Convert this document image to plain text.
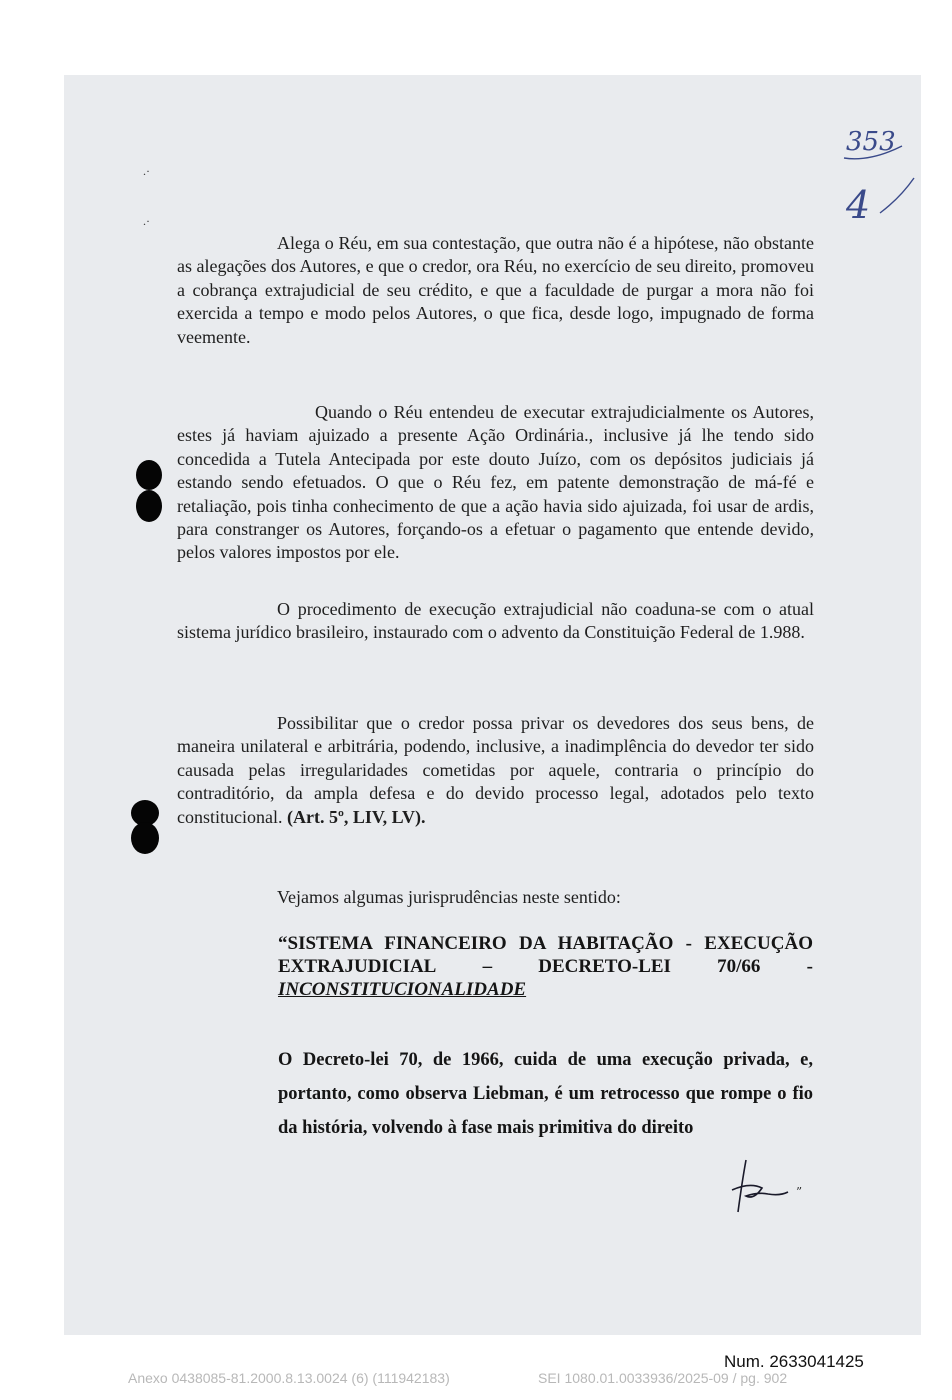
353
4
.·
.·

Alega o Réu, em sua contestação, que outra não é a hipótese, não obstante as alegações dos Autores, e que o credor, ora Réu, no exercício de seu direito, promoveu a cobrança extrajudicial de seu crédito, e que a faculdade de purgar a mora não foi exercida a tempo e modo pelos Autores, o que fica, desde logo, impugnado de forma veemente.

Quando o Réu entendeu de executar extrajudicialmente os Autores, estes já haviam ajuizado a presente Ação Ordinária., inclusive já lhe tendo sido concedida a Tutela Antecipada por este douto Juízo, com os depósitos judiciais já estando sendo efetuados. O que o Réu fez, em patente demonstração de má-fé e retaliação, pois tinha conhecimento de que a ação havia sido ajuizada, foi usar de ardis, para constranger os Autores, forçando-os a efetuar o pagamento que entende devido, pelos valores impostos por ele.

O procedimento de execução extrajudicial não coaduna-se com o atual sistema jurídico brasileiro, instaurado com o advento da Constituição Federal de 1.988.

Possibilitar que o credor possa privar os devedores dos seus bens, de maneira unilateral e arbitrária, podendo, inclusive, a inadimplência do devedor ter sido causada pelas irregularidades cometidas por aquele, contraria o princípio do contraditório, da ampla defesa e do devido processo legal, adotados pelo texto constitucional. (Art. 5º, LIV, LV).

Vejamos algumas jurisprudências neste sentido:

“SISTEMA FINANCEIRO DA HABITAÇÃO - EXECUÇÃO
EXTRAJUDICIAL – DECRETO-LEI 70/66 -
INCONSTITUCIONALIDADE

O Decreto-lei 70, de 1966, cuida de uma execução privada, e, portanto, como observa Liebman, é um retrocesso que rompe o fio da história, volvendo à fase mais primitiva do direito

”
Num. 2633041425
Anexo 0438085-81.2000.8.13.0024 (6) (111942183)	SEI 1080.01.0033936/2025-09 / pg. 902
